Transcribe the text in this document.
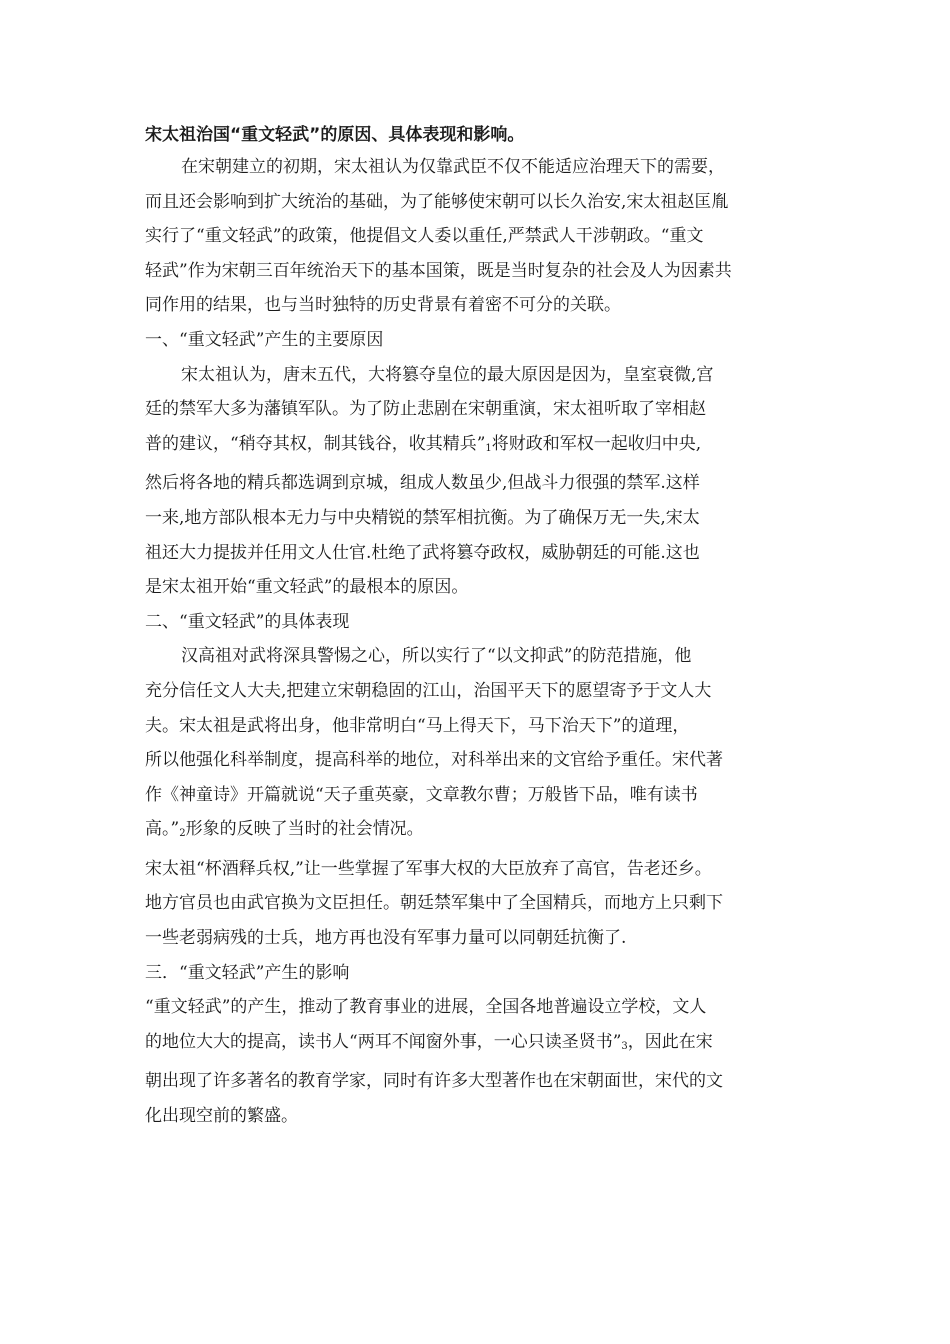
宋太祖治国“重文轻武”的原因、具体表现和影响。

在宋朝建立的初期，宋太祖认为仅靠武臣不仅不能适应治理天下的需要，

而且还会影响到扩大统治的基础，为了能够使宋朝可以长久治安,宋太祖赵匡胤

实行了“重文轻武”的政策，他提倡文人委以重任,严禁武人干涉朝政。“重文

轻武”作为宋朝三百年统治天下的基本国策，既是当时复杂的社会及人为因素共

同作用的结果，也与当时独特的历史背景有着密不可分的关联。

一、“重文轻武”产生的主要原因

宋太祖认为，唐末五代，大将篡夺皇位的最大原因是因为，皇室衰微,宫

廷的禁军大多为藩镇军队。为了防止悲剧在宋朝重演，宋太祖听取了宰相赵

普的建议，“稍夺其权，制其钱谷，收其精兵$”_1$将财政和军权一起收归中央,

然后将各地的精兵都选调到京城，组成人数虽少,但战斗力很强的禁军.这样

一来,地方部队根本无力与中央精锐的禁军相抗衡。为了确保万无一失,宋太

祖还大力提拔并任用文人仕官.杜绝了武将篡夺政权，威胁朝廷的可能.这也

是宋太祖开始“重文轻武”的最根本的原因。

二、“重文轻武”的具体表现

汉高祖对武将深具警惕之心，所以实行了“以文抑武”的防范措施，他

充分信任文人大夫,把建立宋朝稳固的江山，治国平天下的愿望寄予于文人大

夫。宋太祖是武将出身，他非常明白“马上得天下，马下治天下”的道理，

所以他强化科举制度，提高科举的地位，对科举出来的文官给予重任。宋代著

作《神童诗》开篇就说“天子重英豪，文章教尔曹；万般皆下品，唯有读书

高。$”_2$形象的反映了当时的社会情况。

宋太祖“杯酒释兵权,”让一些掌握了军事大权的大臣放弃了高官，告老还乡。

地方官员也由武官换为文臣担任。朝廷禁军集中了全国精兵，而地方上只剩下

一些老弱病残的士兵，地方再也没有军事力量可以同朝廷抗衡了.

三．“重文轻武”产生的影响

“重文轻武”的产生，推动了教育事业的进展，全国各地普遍设立学校，文人

的地位大大的提高，读书人“两耳不闻窗外事，一心只读圣贤书$”_3$，因此在宋

朝出现了许多著名的教育学家，同时有许多大型著作也在宋朝面世，宋代的文

化出现空前的繁盛。
